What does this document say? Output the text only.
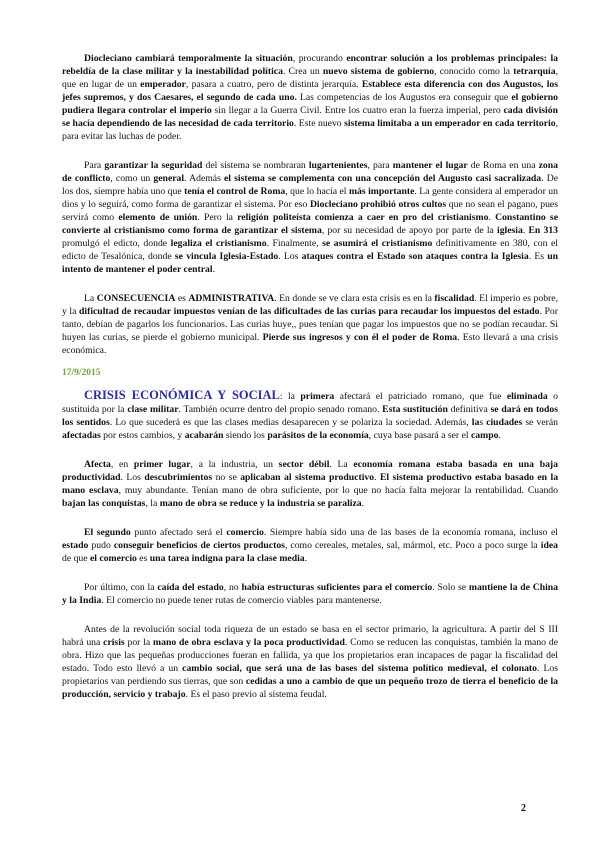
Diocleciano cambiará temporalmente la situación, procurando encontrar solución a los problemas principales: la rebeldía de la clase militar y la inestabilidad política. Crea un nuevo sistema de gobierno, conocido como la tetrarquía, que en lugar de un emperador, pasara a cuatro, pero de distinta jerarquía. Establece esta diferencia con dos Augustos, los jefes supremos, y dos Caesares, el segundo de cada uno. Las competencias de los Augustos era conseguir que el gobierno pudiera llegara controlar el imperio sin llegar a la Guerra Civil. Entre los cuatro eran la fuerza imperial, pero cada división se hacía dependiendo de las necesidad de cada territorio. Este nuevo sistema limitaba a un emperador en cada territorio, para evitar las luchas de poder.

Para garantizar la seguridad del sistema se nombraran lugartenientes, para mantener el lugar de Roma en una zona de conflicto, como un general. Además el sistema se complementa con una concepción del Augusto casi sacralizada. De los dos, siempre había uno que tenía el control de Roma, que lo hacía el más importante. La gente considera al emperador un dios y lo seguirá, como forma de garantizar el sistema. Por eso Diocleciano prohibió otros cultos que no sean el pagano, pues servirá como elemento de unión. Pero la religión politeísta comienza a caer en pro del cristianismo. Constantino se convierte al cristianismo como forma de garantizar el sistema, por su necesidad de apoyo por parte de la iglesia. En 313 promulgó el edicto, donde legaliza el cristianismo. Finalmente, se asumirá el cristianismo definitivamente en 380, con el edicto de Tesalónica, donde se vincula Iglesia-Estado. Los ataques contra el Estado son ataques contra la Iglesia. Es un intento de mantener el poder central.

La CONSECUENCIA es ADMINISTRATIVA. En donde se ve clara esta crisis es en la fiscalidad. El imperio es pobre, y la dificultad de recaudar impuestos venían de las dificultades de las curias para recaudar los impuestos del estado. Por tanto, debían de pagarlos los funcionarios. Las curias huye,, pues tenían que pagar los impuestos que no se podían recaudar. Si huyen las curias, se pierde el gobierno municipal. Pierde sus ingresos y con él el poder de Roma. Esto llevará a una crisis económica.

17/9/2015

CRISIS ECONÓMICA Y SOCIAL: la primera afectará el patriciado romano, que fue eliminada o sustituida por la clase militar. También ocurre dentro del propio senado romano. Esta sustitución definitiva se dará en todos los sentidos. Lo que sucederá es que las clases medias desaparecen y se polariza la sociedad. Además, las ciudades se verán afectadas por estos cambios, y acabarán siendo los parásitos de la economía, cuya base pasará a ser el campo.

Afecta, en primer lugar, a la industria, un sector débil. La economía romana estaba basada en una baja productividad. Los descubrimientos no se aplicaban al sistema productivo. El sistema productivo estaba basado en la mano esclava, muy abundante. Tenían mano de obra suficiente, por lo que no hacía falta mejorar la rentabilidad. Cuando bajan las conquistas, la mano de obra se reduce y la industria se paraliza.

El segundo punto afectado será el comercio. Siempre había sido una de las bases de la economía romana, incluso el estado pudo conseguir beneficios de ciertos productos, como cereales, metales, sal, mármol, etc. Poco a poco surge la idea de que el comercio es una tarea indigna para la clase media.

Por último, con la caída del estado, no había estructuras suficientes para el comercio. Solo se mantiene la de China y la India. El comercio no puede tener rutas de comercio viables para mantenerse.

Antes de la revolución social toda riqueza de un estado se basa en el sector primario, la agricultura. A partir del S III habrá una crisis por la mano de obra esclava y la poca productividad. Como se reducen las conquistas, también la mano de obra. Hizo que las pequeñas producciones fueran en fallida, ya que los propietarios eran incapaces de pagar la fiscalidad del estado. Todo esto llevó a un cambio social, que será una de las bases del sistema político medieval, el colonato. Los propietarios van perdiendo sus tierras, que son cedidas a uno a cambio de que un pequeño trozo de tierra el beneficio de la producción, servicio y trabajo. Es el paso previo al sistema feudal.

2
